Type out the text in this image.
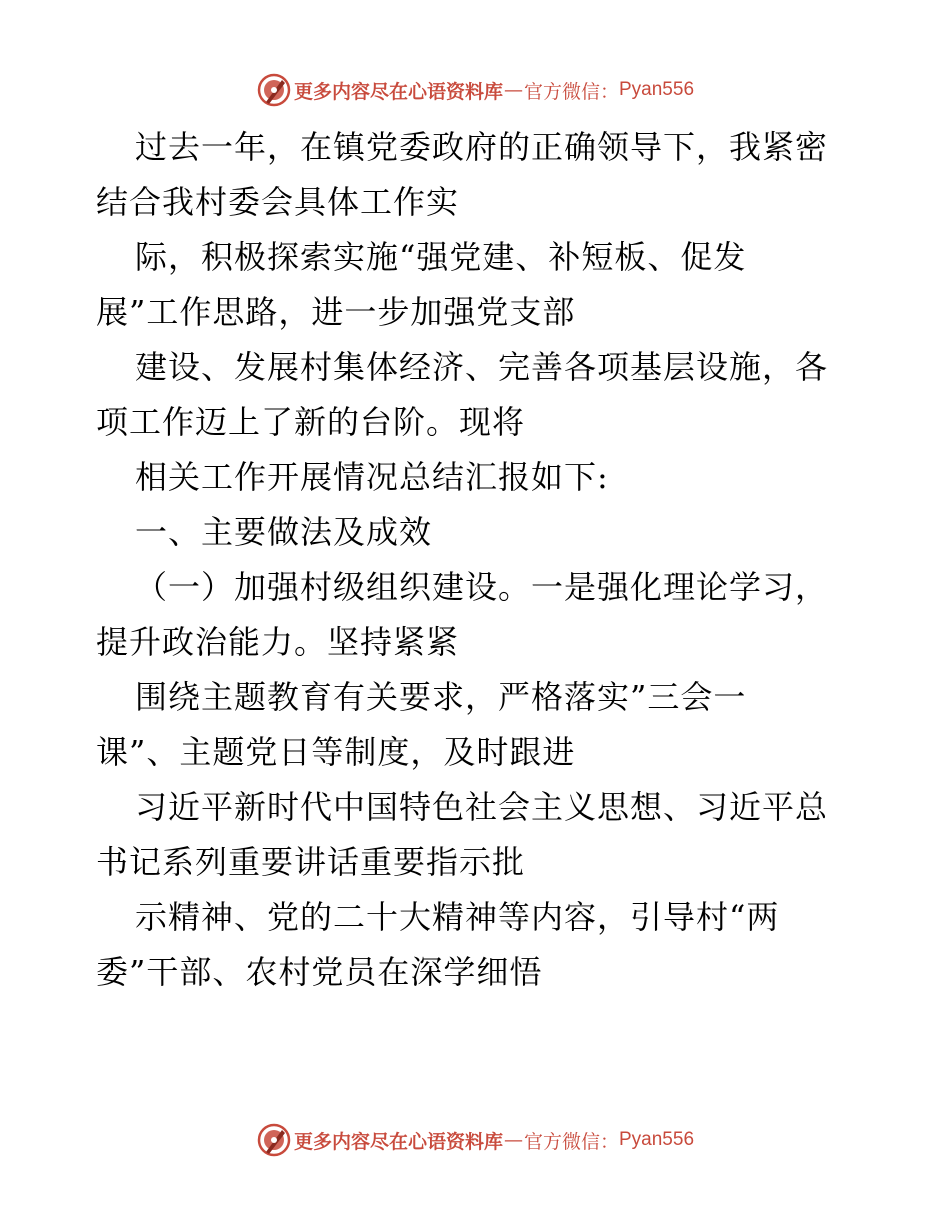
更多内容尽在心语资料库 — 官方微信： Pyan556
过去一年，在镇党委政府的正确领导下，我紧密
结合我村委会具体工作实
际，积极探索实施“强党建、补短板、促发
展”工作思路，进一步加强党支部
建设、发展村集体经济、完善各项基层设施，各
项工作迈上了新的台阶。现将
相关工作开展情况总结汇报如下:
一、主要做法及成效
（一）加强村级组织建设。一是强化理论学习，
提升政治能力。坚持紧紧
围绕主题教育有关要求，严格落实”三会一
课”、主题党日等制度，及时跟进
习近平新时代中国特色社会主义思想、习近平总
书记系列重要讲话重要指示批
示精神、党的二十大精神等内容，引导村“两
委”干部、农村党员在深学细悟
更多内容尽在心语资料库 — 官方微信： Pyan556
